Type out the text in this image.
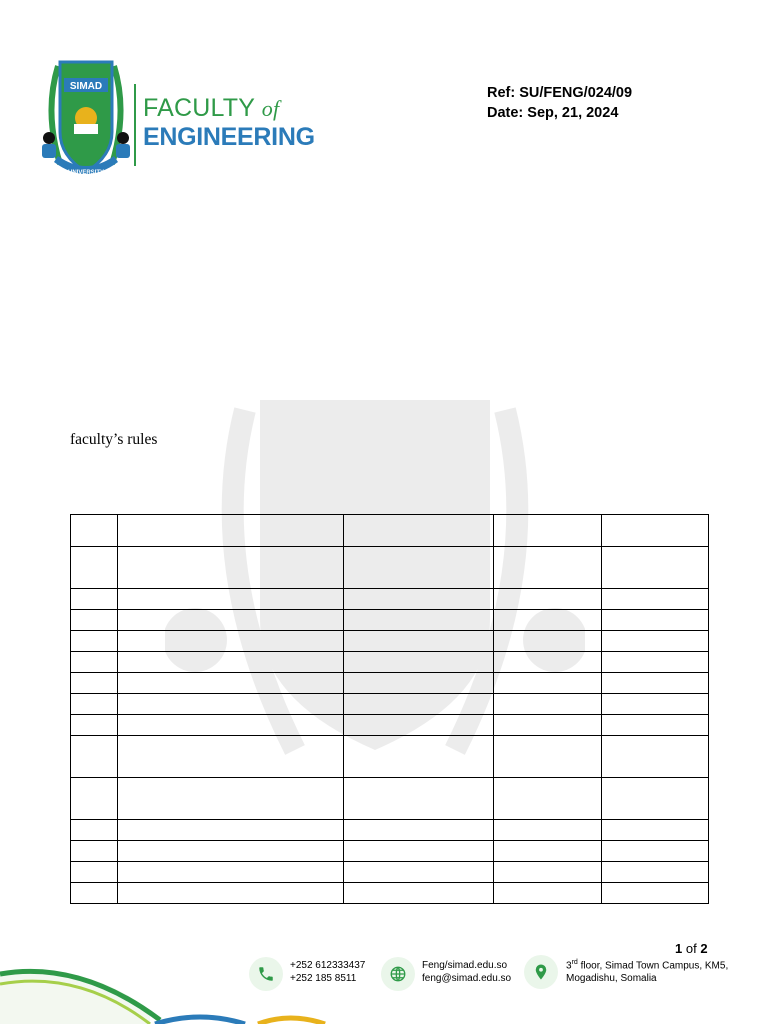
SIMAD
UNIVERSITY
FACULTY of
ENGINEERING
Ref: SU/FENG/024/09
Date: Sep, 21, 2024
faculty’s rules

1 of 2
+252 612333437
+252 185 8511
Feng/simad.edu.so
feng@simad.edu.so
3rd floor, Simad Town Campus, KM5,
Mogadishu, Somalia
